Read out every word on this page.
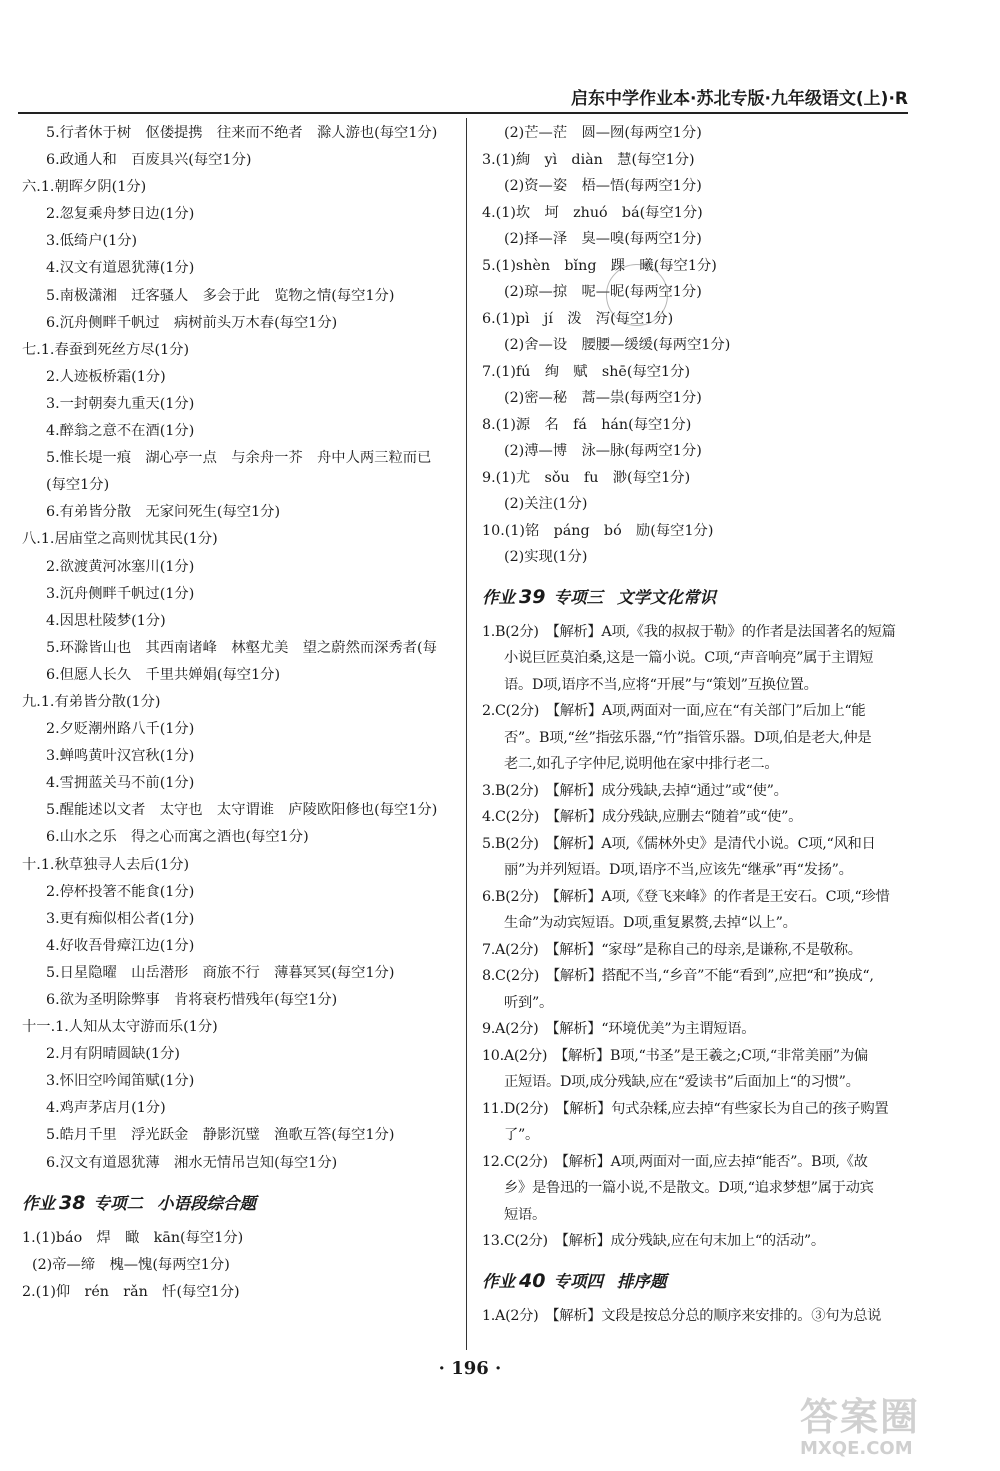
启东中学作业本·苏北专版·九年级语文(上)·R
5.行者休于树　伛偻提携　往来而不绝者　滁人游也(每空1分)
6.政通人和　百废具兴(每空1分)
六.1.朝晖夕阴(1分)
2.忽复乘舟梦日边(1分)
3.低绮户(1分)
4.汉文有道恩犹薄(1分)
5.南极潇湘　迁客骚人　多会于此　览物之情(每空1分)
6.沉舟侧畔千帆过　病树前头万木春(每空1分)
七.1.春蚕到死丝方尽(1分)
2.人迹板桥霜(1分)
3.一封朝奏九重天(1分)
4.醉翁之意不在酒(1分)
5.惟长堤一痕　湖心亭一点　与余舟一芥　舟中人两三粒而已
(每空1分)
6.有弟皆分散　无家问死生(每空1分)
八.1.居庙堂之高则忧其民(1分)
2.欲渡黄河冰塞川(1分)
3.沉舟侧畔千帆过(1分)
4.因思杜陵梦(1分)
5.环滁皆山也　其西南诸峰　林壑尤美　望之蔚然而深秀者(每
6.但愿人长久　千里共婵娟(每空1分)
九.1.有弟皆分散(1分)
2.夕贬潮州路八千(1分)
3.蝉鸣黄叶汉宫秋(1分)
4.雪拥蓝关马不前(1分)
5.醒能述以文者　太守也　太守谓谁　庐陵欧阳修也(每空1分)
6.山水之乐　得之心而寓之酒也(每空1分)
十.1.秋草独寻人去后(1分)
2.停杯投箸不能食(1分)
3.更有痴似相公者(1分)
4.好收吾骨瘴江边(1分)
5.日星隐曜　山岳潜形　商旅不行　薄暮冥冥(每空1分)
6.欲为圣明除弊事　肯将衰朽惜残年(每空1分)
十一.1.人知从太守游而乐(1分)
2.月有阴晴圆缺(1分)
3.怀旧空吟闻笛赋(1分)
4.鸡声茅店月(1分)
5.皓月千里　浮光跃金　静影沉璧　渔歌互答(每空1分)
6.汉文有道恩犹薄　湘水无情吊岂知(每空1分)
作业 38 专项二 小语段综合题
1.(1)báo　焊　瞰　kān(每空1分)
(2)帝—缔　槐—愧(每两空1分)
2.(1)仰　rén　rǎn　忏(每空1分)
(2)芒—茫　圆—囫(每两空1分)
3.(1)絢　yì　diàn　慧(每空1分)
(2)资—姿　梧—悟(每两空1分)
4.(1)坎　坷　zhuó　bá(每空1分)
(2)择—泽　臭—嗅(每两空1分)
5.(1)shèn　bǐng　踝　曦(每空1分)
(2)琼—掠　呢—昵(每两空1分)
6.(1)pì　jí　泼　泻(每空1分)
(2)舍—设　腰腰—缓缓(每两空1分)
7.(1)fú　绚　赋　shē(每空1分)
(2)密—秘　蒿—祟(每两空1分)
8.(1)源　名　fá　hán(每空1分)
(2)溥—博　泳—脉(每两空1分)
9.(1)尤　sǒu　fu　渺(每空1分)
(2)关注(1分)
10.(1)铭　páng　bó　励(每空1分)
(2)实现(1分)
作业 39 专项三 文学文化常识
1.B(2分)　【解析】A项,《我的叔叔于勒》的作者是法国著名的短篇
小说巨匠莫泊桑,这是一篇小说。C项,“声音响亮”属于主谓短
语。D项,语序不当,应将“开展”与“策划”互换位置。
2.C(2分)　【解析】A项,两面对一面,应在“有关部门”后加上“能
否”。B项,“丝”指弦乐器,“竹”指管乐器。D项,伯是老大,仲是
老二,如孔子字仲尼,说明他在家中排行老二。
3.B(2分)　【解析】成分残缺,去掉“通过”或“使”。
4.C(2分)　【解析】成分残缺,应删去“随着”或“使”。
5.B(2分)　【解析】A项,《儒林外史》是清代小说。C项,“风和日
丽”为并列短语。D项,语序不当,应该先“继承”再“发扬”。
6.B(2分)　【解析】A项,《登飞来峰》的作者是王安石。C项,“珍惜
生命”为动宾短语。D项,重复累赘,去掉“以上”。
7.A(2分)　【解析】“家母”是称自己的母亲,是谦称,不是敬称。
8.C(2分)　【解析】搭配不当,“乡音”不能“看到”,应把“和”换成“,
听到”。
9.A(2分)　【解析】“环境优美”为主谓短语。
10.A(2分)　【解析】B项,“书圣”是王羲之;C项,“非常美丽”为偏
正短语。D项,成分残缺,应在“爱读书”后面加上“的习惯”。
11.D(2分)　【解析】句式杂糅,应去掉“有些家长为自己的孩子购置
了”。
12.C(2分)　【解析】A项,两面对一面,应去掉“能否”。B项,《故
乡》是鲁迅的一篇小说,不是散文。D项,“追求梦想”属于动宾
短语。
13.C(2分)　【解析】成分残缺,应在句末加上“的活动”。
作业 40 专项四 排序题
1.A(2分)　【解析】文段是按总分总的顺序来安排的。③句为总说
· 196 ·
答案圈
MXQE.COM
